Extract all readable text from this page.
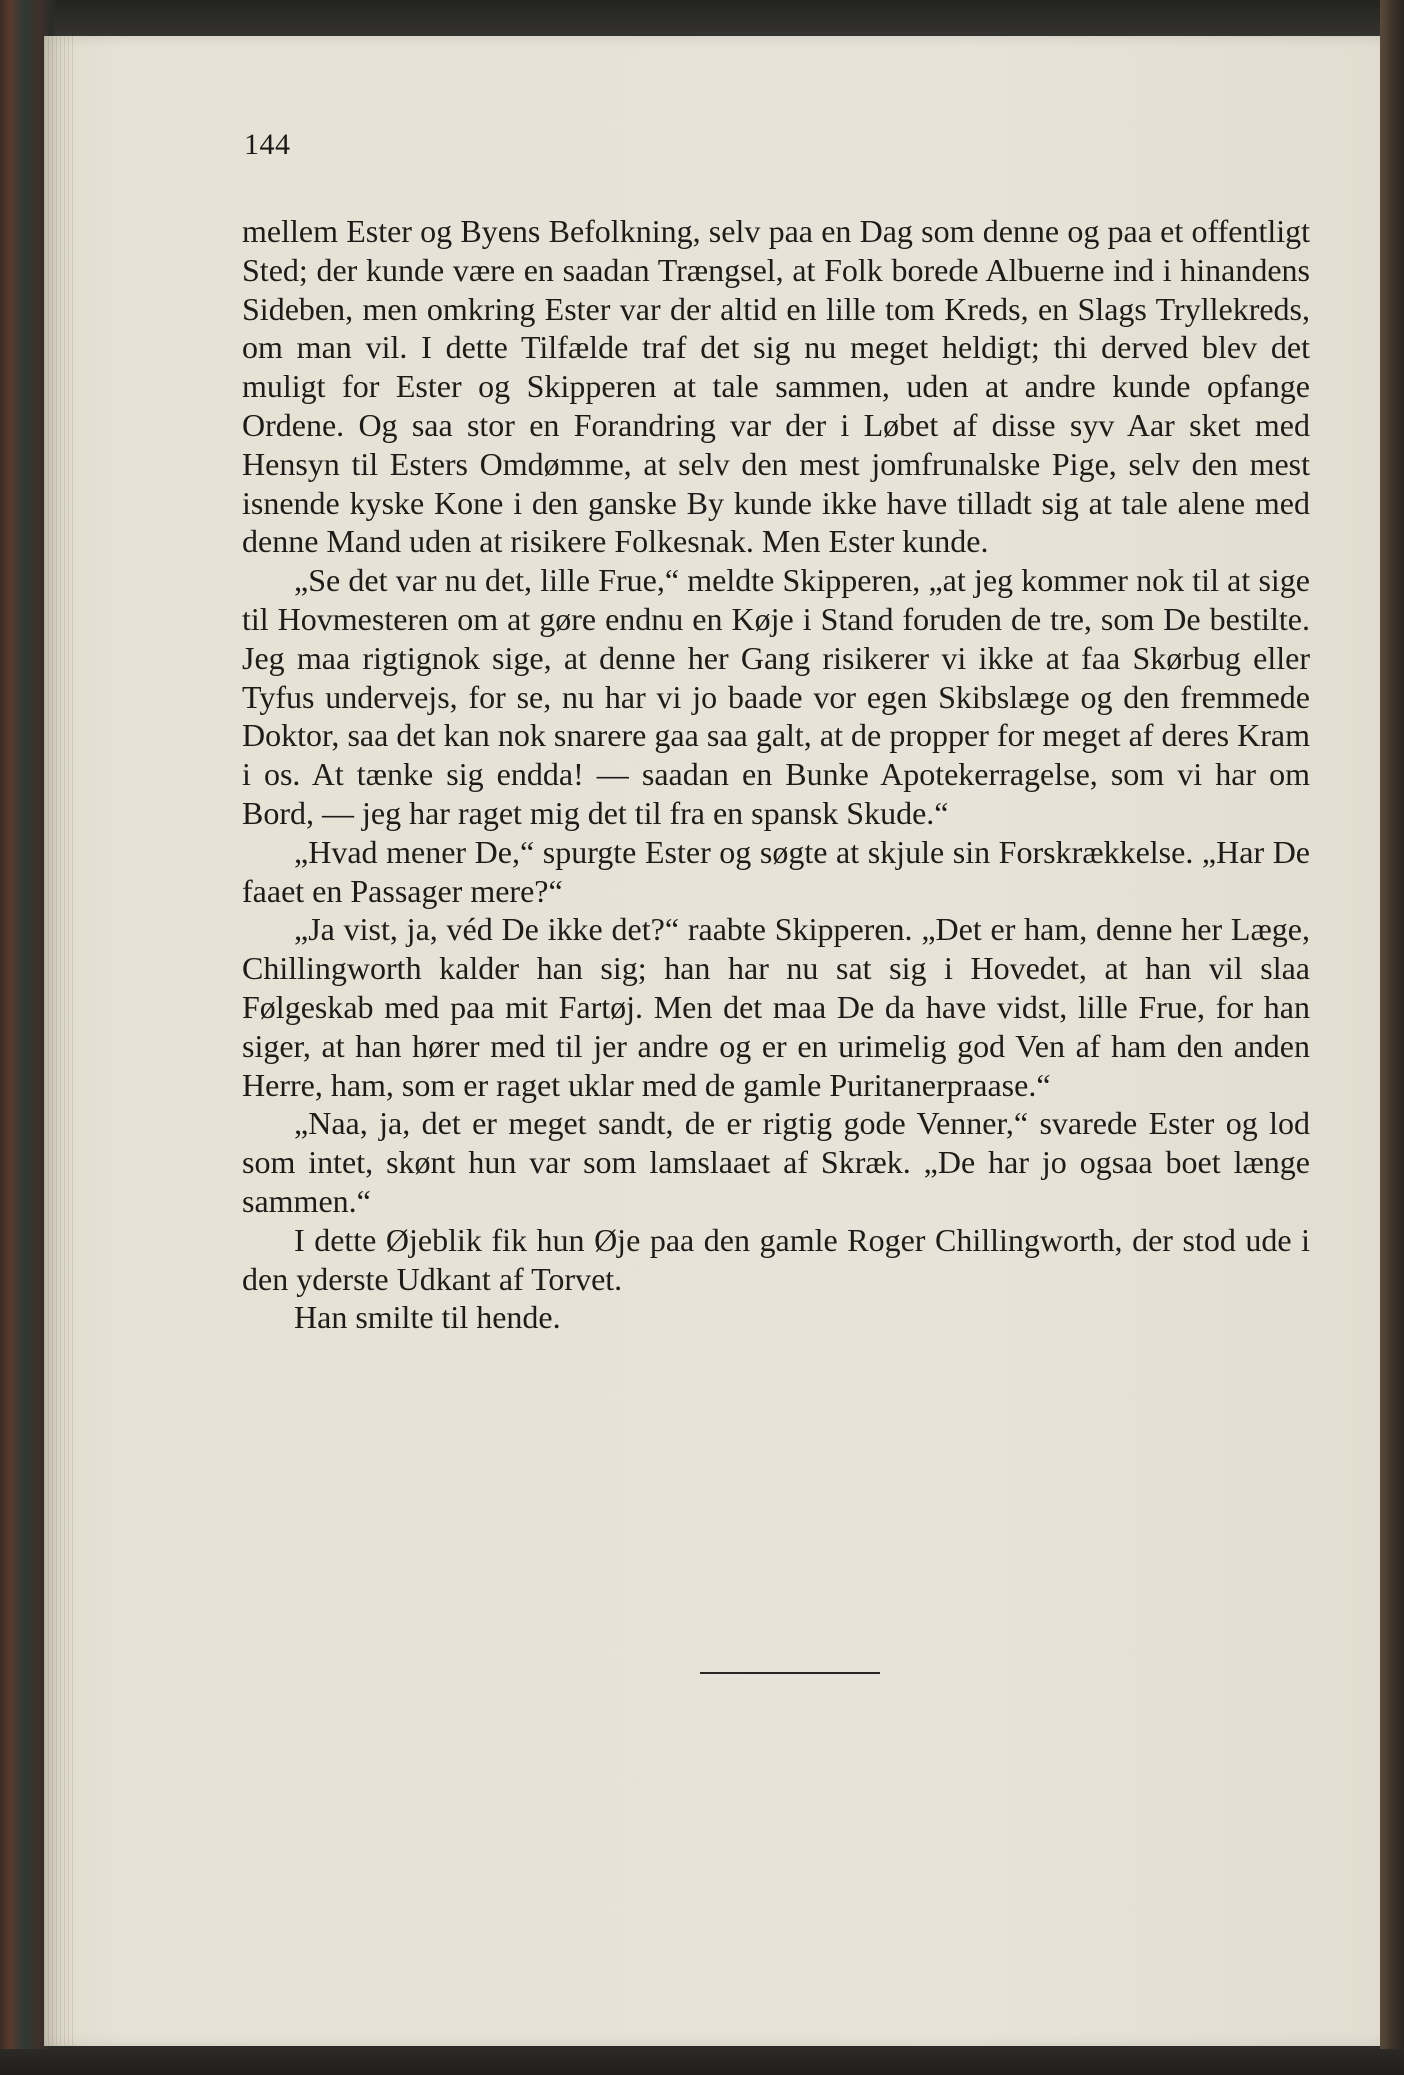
144

mellem Ester og Byens Befolkning, selv paa en Dag som denne og paa et offentligt Sted; der kunde være en saadan Trængsel, at Folk borede Albuerne ind i hinandens Sideben, men omkring Ester var der altid en lille tom Kreds, en Slags Tryllekreds, om man vil. I dette Tilfælde traf det sig nu meget heldigt; thi derved blev det muligt for Ester og Skipperen at tale sammen, uden at andre kunde opfange Ordene. Og saa stor en Forandring var der i Løbet af disse syv Aar sket med Hensyn til Esters Omdømme, at selv den mest jomfrunalske Pige, selv den mest isnende kyske Kone i den ganske By kunde ikke have tilladt sig at tale alene med denne Mand uden at risikere Folkesnak. Men Ester kunde.

„Se det var nu det, lille Frue,“ meldte Skipperen, „at jeg kommer nok til at sige til Hovmesteren om at gøre endnu en Køje i Stand foruden de tre, som De bestilte. Jeg maa rigtignok sige, at denne her Gang risikerer vi ikke at faa Skørbug eller Tyfus undervejs, for se, nu har vi jo baade vor egen Skibslæge og den fremmede Doktor, saa det kan nok snarere gaa saa galt, at de propper for meget af deres Kram i os. At tænke sig endda! — saadan en Bunke Apotekerragelse, som vi har om Bord, — jeg har raget mig det til fra en spansk Skude.“

„Hvad mener De,“ spurgte Ester og søgte at skjule sin Forskrækkelse. „Har De faaet en Passager mere?“

„Ja vist, ja, véd De ikke det?“ raabte Skipperen. „Det er ham, denne her Læge, Chillingworth kalder han sig; han har nu sat sig i Hovedet, at han vil slaa Følgeskab med paa mit Fartøj. Men det maa De da have vidst, lille Frue, for han siger, at han hører med til jer andre og er en urimelig god Ven af ham den anden Herre, ham, som er raget uklar med de gamle Puritanerpraase.“

„Naa, ja, det er meget sandt, de er rigtig gode Venner,“ svarede Ester og lod som intet, skønt hun var som lamslaaet af Skræk. „De har jo ogsaa boet længe sammen.“

I dette Øjeblik fik hun Øje paa den gamle Roger Chillingworth, der stod ude i den yderste Udkant af Torvet.

Han smilte til hende.
